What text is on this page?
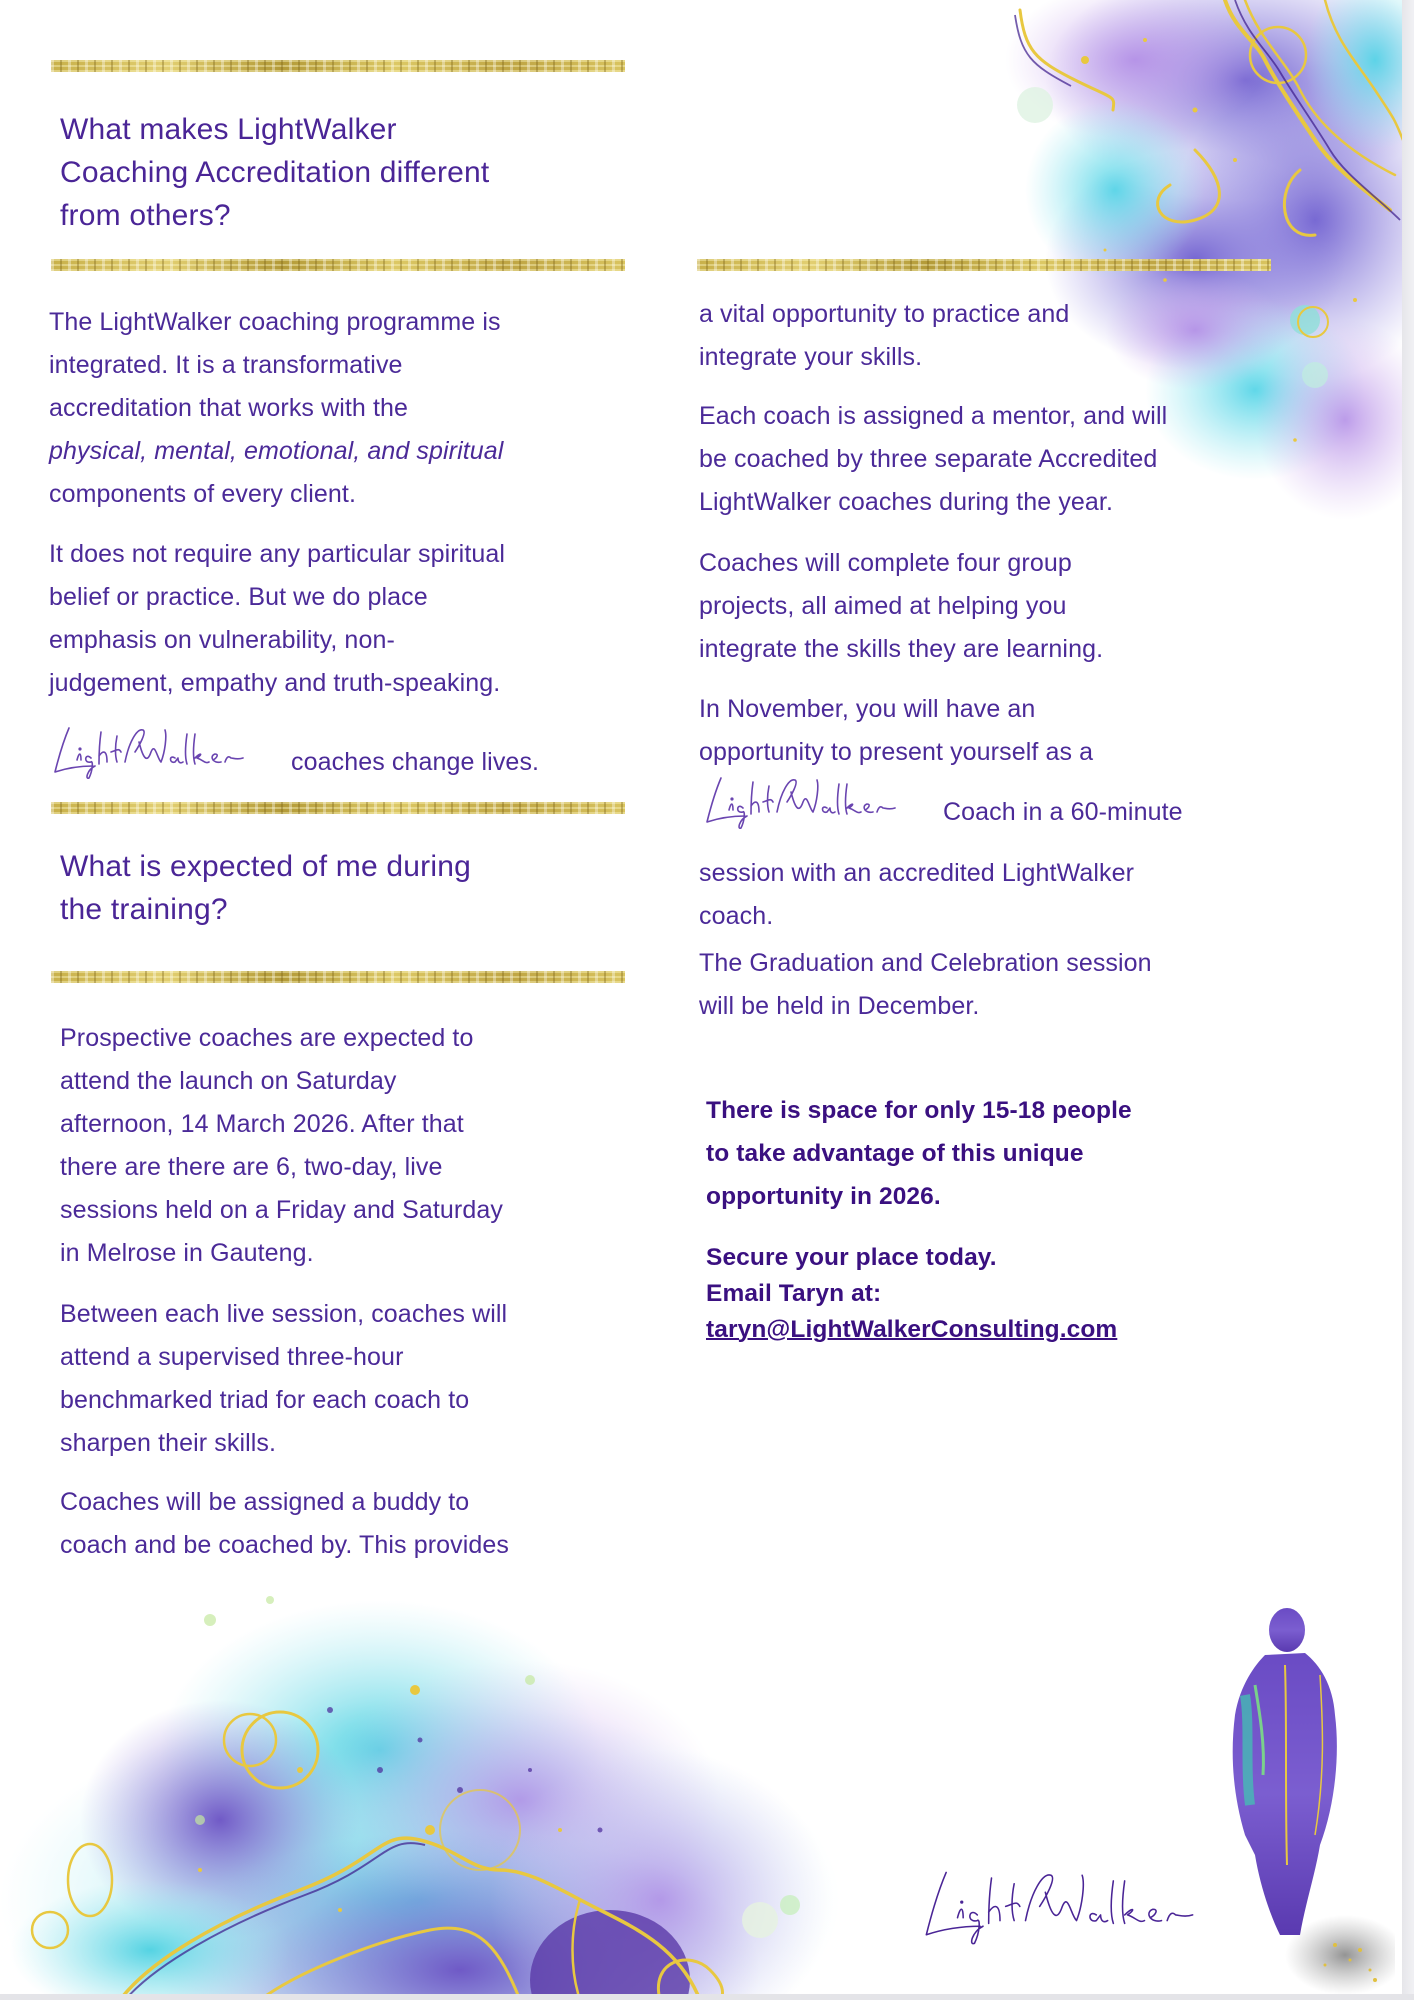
What makes LightWalker
Coaching Accreditation different
from others?

The LightWalker coaching programme is
integrated. It is a transformative
accreditation that works with the
physical, mental, emotional, and spiritual
components of every client.

It does not require any particular spiritual
belief or practice. But we do place
emphasis on vulnerability, non-
judgement, empathy and truth-speaking.

coaches change lives.

What is expected of me during
the training?

Prospective coaches are expected to
attend the launch on Saturday
afternoon, 14 March 2026. After that
there are there are 6, two-day, live
sessions held on a Friday and Saturday
in Melrose in Gauteng.

Between each live session, coaches will
attend a supervised three-hour
benchmarked triad for each coach to
sharpen their skills.

Coaches will be assigned a buddy to
coach and be coached by. This provides

a vital opportunity to practice and
integrate your skills.

Each coach is assigned a mentor, and will
be coached by three separate Accredited
LightWalker coaches during the year.

Coaches will complete four group
projects, all aimed at helping you
integrate the skills they are learning.

In November, you will have an
opportunity to present yourself as a
Coach in a 60-minute
session with an accredited LightWalker
coach.

The Graduation and Celebration session
will be held in December.

There is space for only 15-18 people
to take advantage of this unique
opportunity in 2026.

Secure your place today.
Email Taryn at:
taryn@LightWalkerConsulting.com
